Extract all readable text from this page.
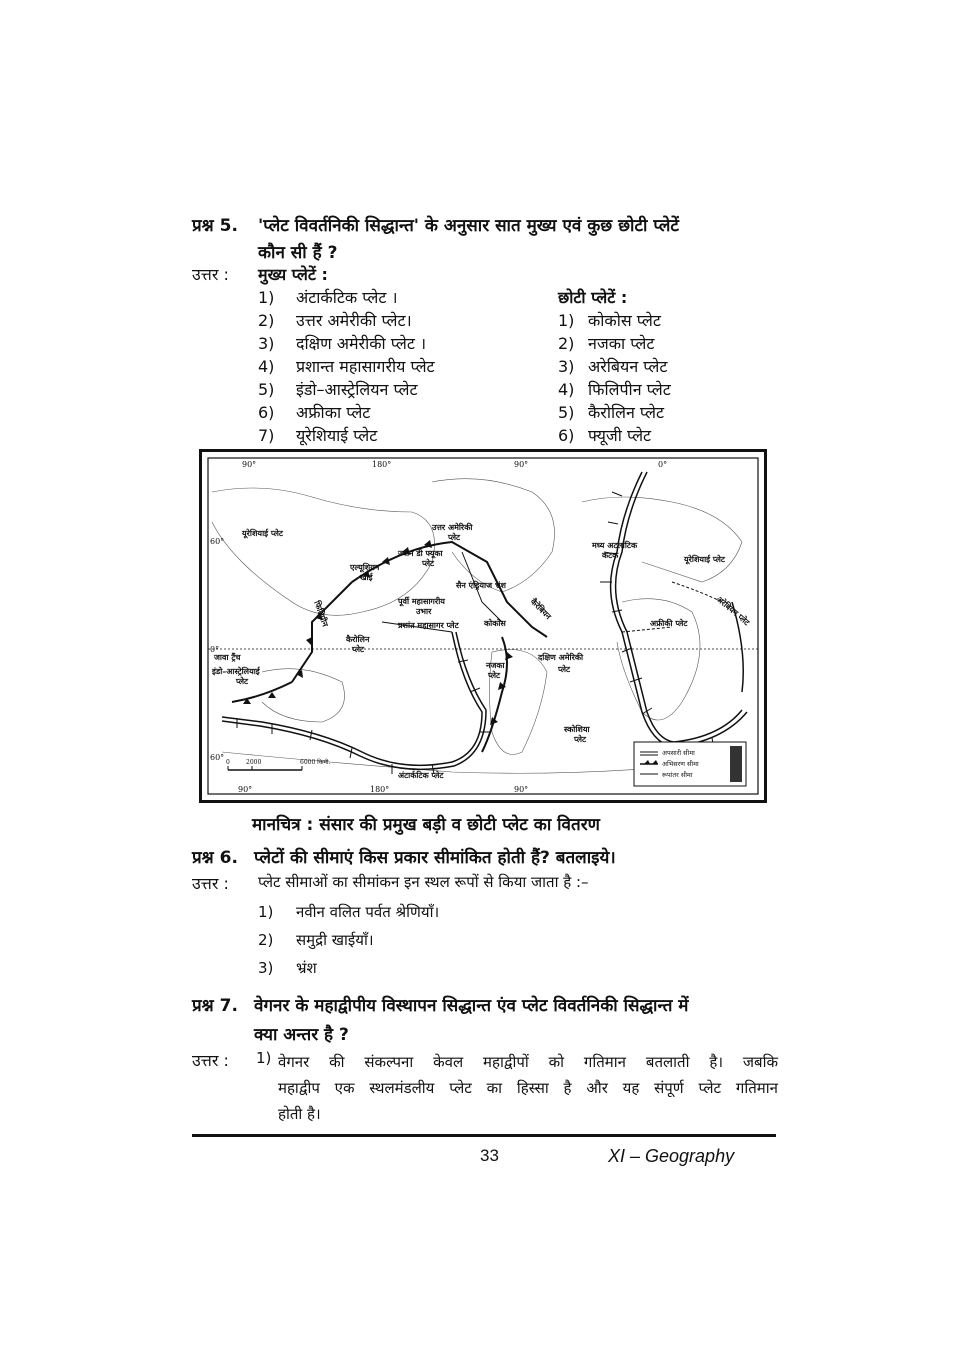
प्रश्न 5.	'प्लेट विवर्तनिकी सिद्धान्त' के अनुसार सात मुख्य एवं कुछ छोटी प्लेटें
कौन सी हैं ?
उत्तर : मुख्य प्लेटें :
1)	अंटार्कटिक प्लेट ।
2)	उत्तर अमेरीकी प्लेट।
3)	दक्षिण अमेरीकी प्लेट ।
4)	प्रशान्त महासागरीय प्लेट
5)	इंडो–आस्ट्रेलियन प्लेट
6)	अफ्रीका प्लेट
7)	यूरेशियाई प्लेट
छोटी प्लेटें :
1) कोकोस प्लेट
2) नजका प्लेट
3) अरेबियन प्लेट
4) फिलिपीन प्लेट
5) कैरोलिन प्लेट
6) फ्यूजी प्लेट
90°	180°	90°	0°
60°
0°
60°
90°	180°	90°
यूरेशियाई प्लेट
उत्तर अमेरिकी
प्लेट
एल्यूशियन
खाई
ज्वान डी फ्यूका
प्लेट
सैन एंड्रियाज भ्रंश
पूर्वी महासागरीय
उभार
प्रशांत महासागर प्लेट	कोकोस
कैरेबियन
फिलिपीन
कैरोलिन
प्लेट
जावा ट्रैंच
इंडो–आस्ट्रेलियाई
प्लेट
नजका
प्लेट
दक्षिण अमेरिकी
प्लेट
मध्य अटलांटिक
कटक	यूरेशियाई प्लेट
अफ्रीकी प्लेट	अरेबियन प्लेट
स्कोशिया
प्लेट
अंटार्कटिक प्लेट
0	2000	6000 किमी.
अपसारी सीमा
अभिसरण सीमा
रूपांतर सीमा
मानचित्र : संसार की प्रमुख बड़ी व छोटी प्लेट का वितरण
प्रश्न 6. प्लेटों की सीमाएं किस प्रकार सीमांकित होती हैं? बतलाइये।
उत्तर : प्लेट सीमाओं का सीमांकन इन स्थल रूपों से किया जाता है :–
1)	नवीन वलित पर्वत श्रेणियाँ।
2)	समुद्री खाईयाँ।
3)	भ्रंश
प्रश्न 7. वेगनर के महाद्वीपीय विस्थापन सिद्धान्त एंव प्लेट विवर्तनिकी सिद्धान्त में
क्या अन्तर है ?
उत्तर : 1) वेगनर की संकल्पना केवल महाद्वीपों को गतिमान बतलाती है। जबकि
महाद्वीप एक स्थलमंडलीय प्लेट का हिस्सा है और यह संपूर्ण प्लेट गतिमान
होती है।
33	XI – Geography
